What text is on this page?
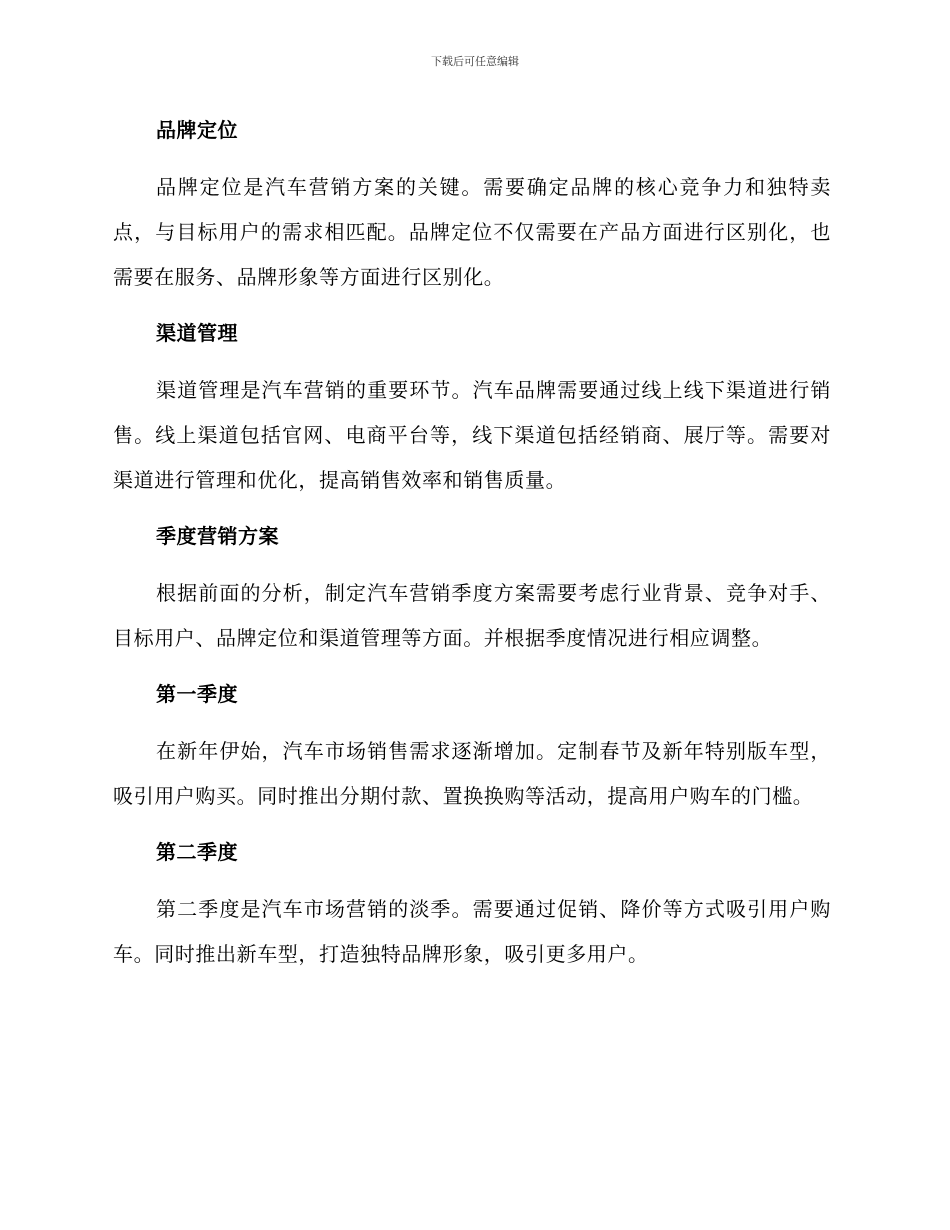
下载后可任意编辑
品牌定位

品牌定位是汽车营销方案的关键。需要确定品牌的核心竞争力和独特卖点，与目标用户的需求相匹配。品牌定位不仅需要在产品方面进行区别化，也需要在服务、品牌形象等方面进行区别化。

渠道管理

渠道管理是汽车营销的重要环节。汽车品牌需要通过线上线下渠道进行销售。线上渠道包括官网、电商平台等，线下渠道包括经销商、展厅等。需要对渠道进行管理和优化，提高销售效率和销售质量。

季度营销方案

根据前面的分析，制定汽车营销季度方案需要考虑行业背景、竞争对手、目标用户、品牌定位和渠道管理等方面。并根据季度情况进行相应调整。

第一季度

在新年伊始，汽车市场销售需求逐渐增加。定制春节及新年特别版车型，吸引用户购买。同时推出分期付款、置换换购等活动，提高用户购车的门槛。

第二季度

第二季度是汽车市场营销的淡季。需要通过促销、降价等方式吸引用户购车。同时推出新车型，打造独特品牌形象，吸引更多用户。
